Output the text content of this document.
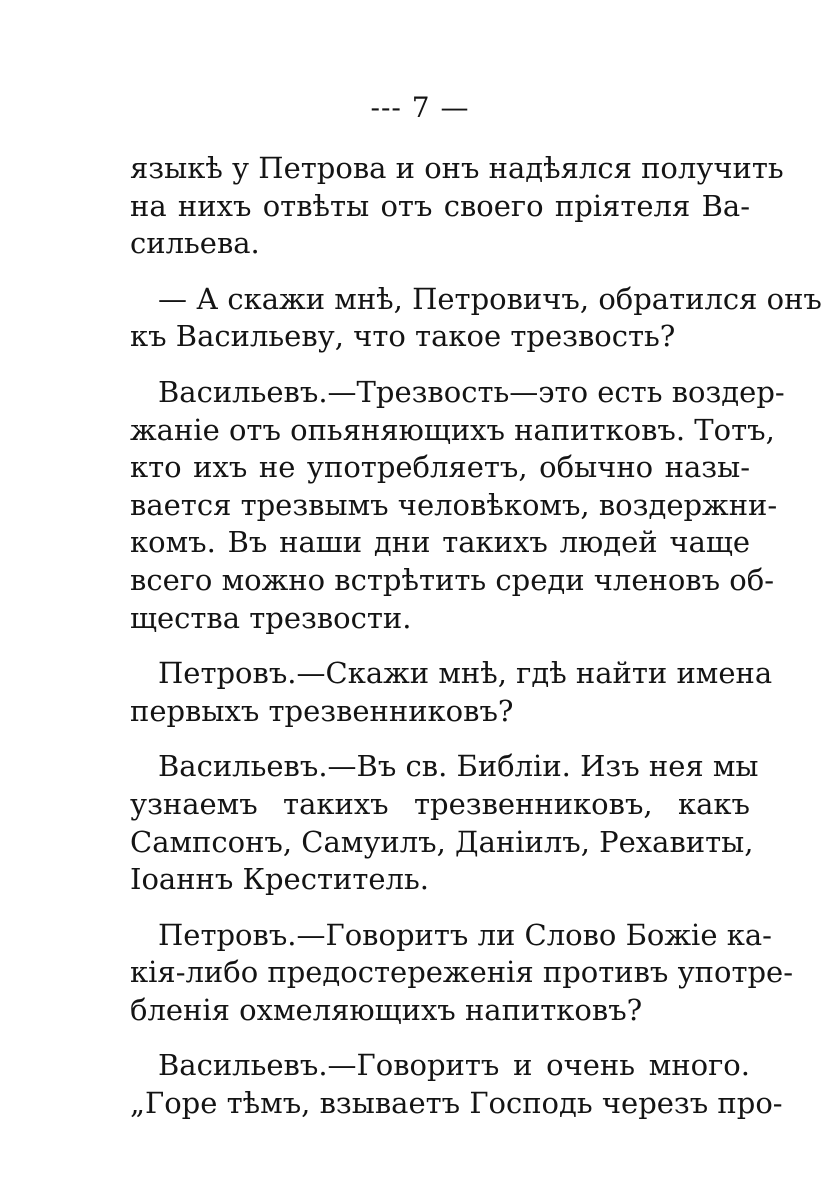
--- 7 —

языкѣ у Петрова и онъ надѣялся получить
на нихъ отвѣты отъ своего прiятеля Ва-
сильева.

— А скажи мнѣ, Петровичъ, обратился онъ
къ Васильеву, что такое трезвость?

Васильевъ.—Трезвость—это есть воздер-
жанiе отъ опьяняющихъ напитковъ. Тотъ,
кто ихъ не употребляетъ, обычно назы-
вается трезвымъ человѣкомъ, воздержни-
комъ. Въ наши дни такихъ людей чаще
всего можно встрѣтить среди членовъ об-
щества трезвости.

Петровъ.—Скажи мнѣ, гдѣ найти имена
первыхъ трезвенниковъ?

Васильевъ.—Въ св. Библiи. Изъ нея мы
узнаемъ такихъ трезвенниковъ, какъ
Сампсонъ, Самуилъ, Данiилъ, Рехавиты,
Iоаннъ Креститель.

Петровъ.—Говоритъ ли Слово Божiе ка-
кiя-либо предостереженiя противъ употре-
бленiя охмеляющихъ напитковъ?

Васильевъ.—Говоритъ и очень много.
„Горе тѣмъ, взываетъ Господь черезъ про-
